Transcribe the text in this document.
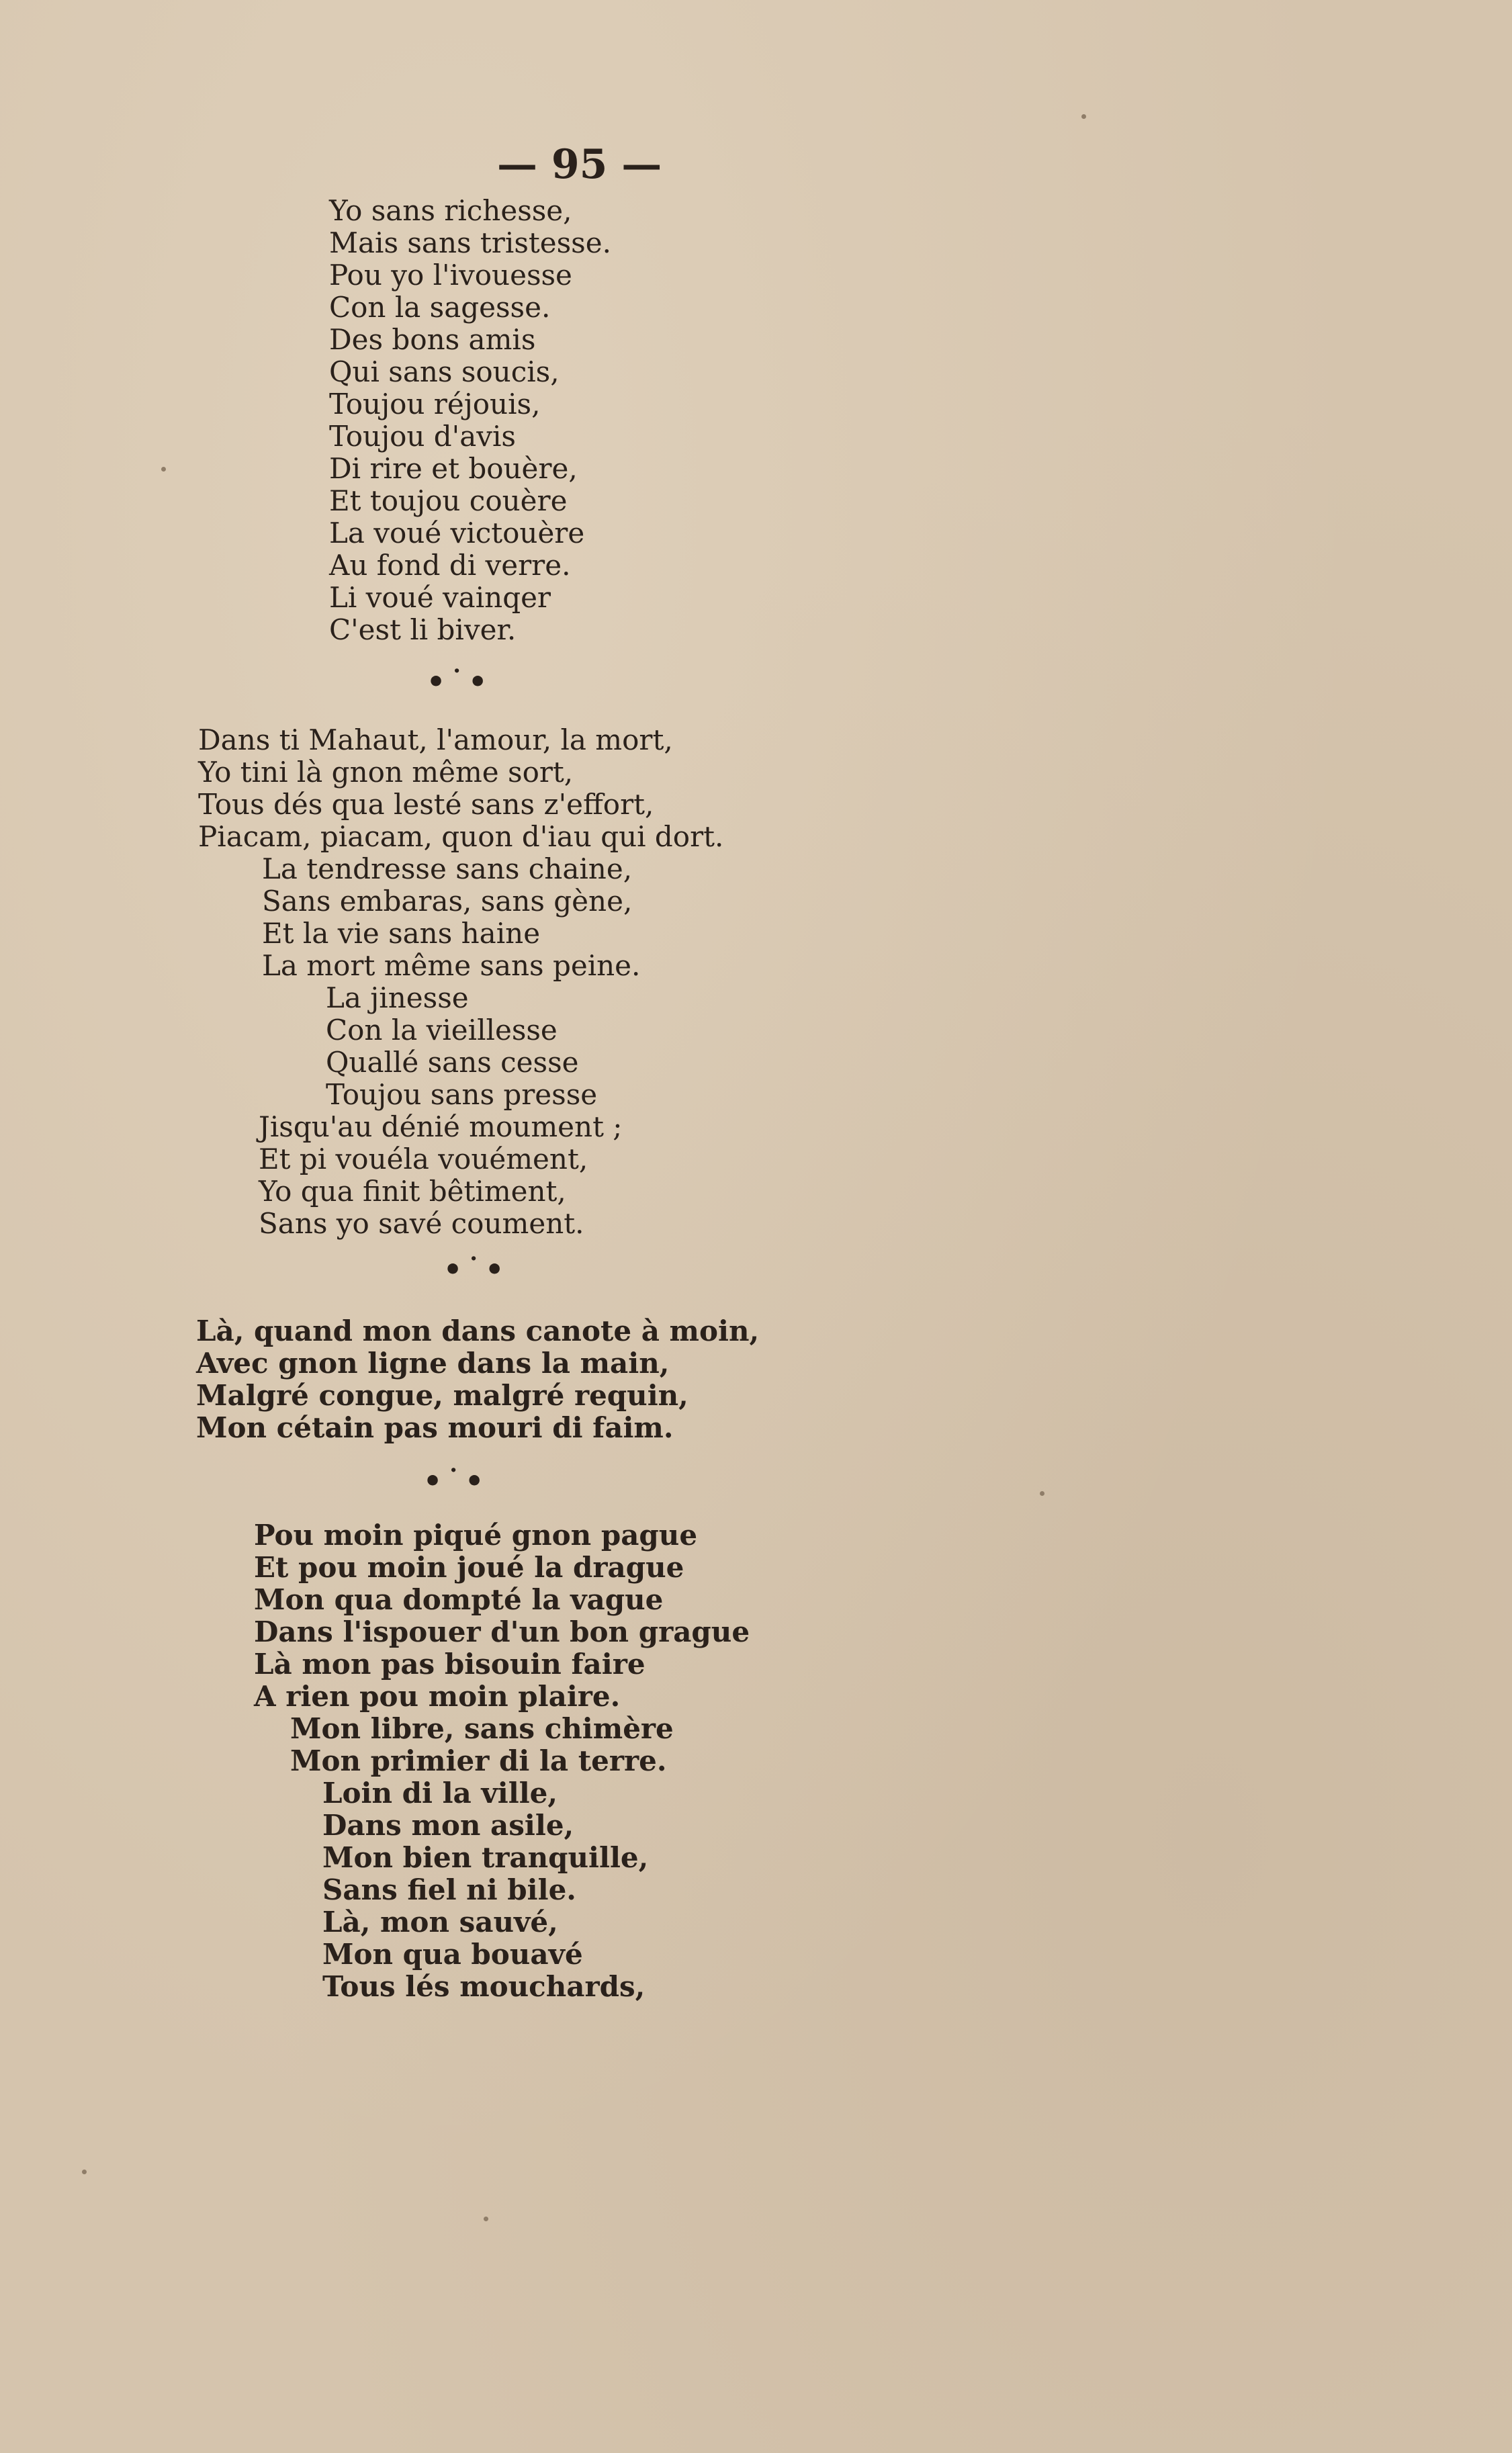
— 95 —
Yo sans richesse,
Mais sans tristesse.
Pou yo l'ivouesse
Con la sagesse.
Des bons amis
Qui sans soucis,
Toujou réjouis,
Toujou d'avis
Di rire et bouère,
Et toujou couère
La voué victouère
Au fond di verre.
Li voué vainqer
C'est li biver.
•˙•
Dans ti Mahaut, l'amour, la mort,
Yo tini là gnon même sort,
Tous dés qua lesté sans z'effort,
Piacam, piacam, quon d'iau qui dort.
La tendresse sans chaine,
Sans embaras, sans gène,
Et la vie sans haine
La mort même sans peine.
La jinesse
Con la vieillesse
Quallé sans cesse
Toujou sans presse
Jisqu'au dénié moument ;
Et pi vouéla vouément,
Yo qua finit bêtiment,
Sans yo savé coument.
•˙•
Là, quand mon dans canote à moin,
Avec gnon ligne dans la main,
Malgré congue, malgré requin,
Mon cétain pas mouri di faim.
•˙•
Pou moin piqué gnon pague
Et pou moin joué la drague
Mon qua dompté la vague
Dans l'ispouer d'un bon grague
Là mon pas bisouin faire
A rien pou moin plaire.
Mon libre, sans chimère
Mon primier di la terre.
Loin di la ville,
Dans mon asile,
Mon bien tranquille,
Sans fiel ni bile.
Là, mon sauvé,
Mon qua bouavé
Tous lés mouchards,
